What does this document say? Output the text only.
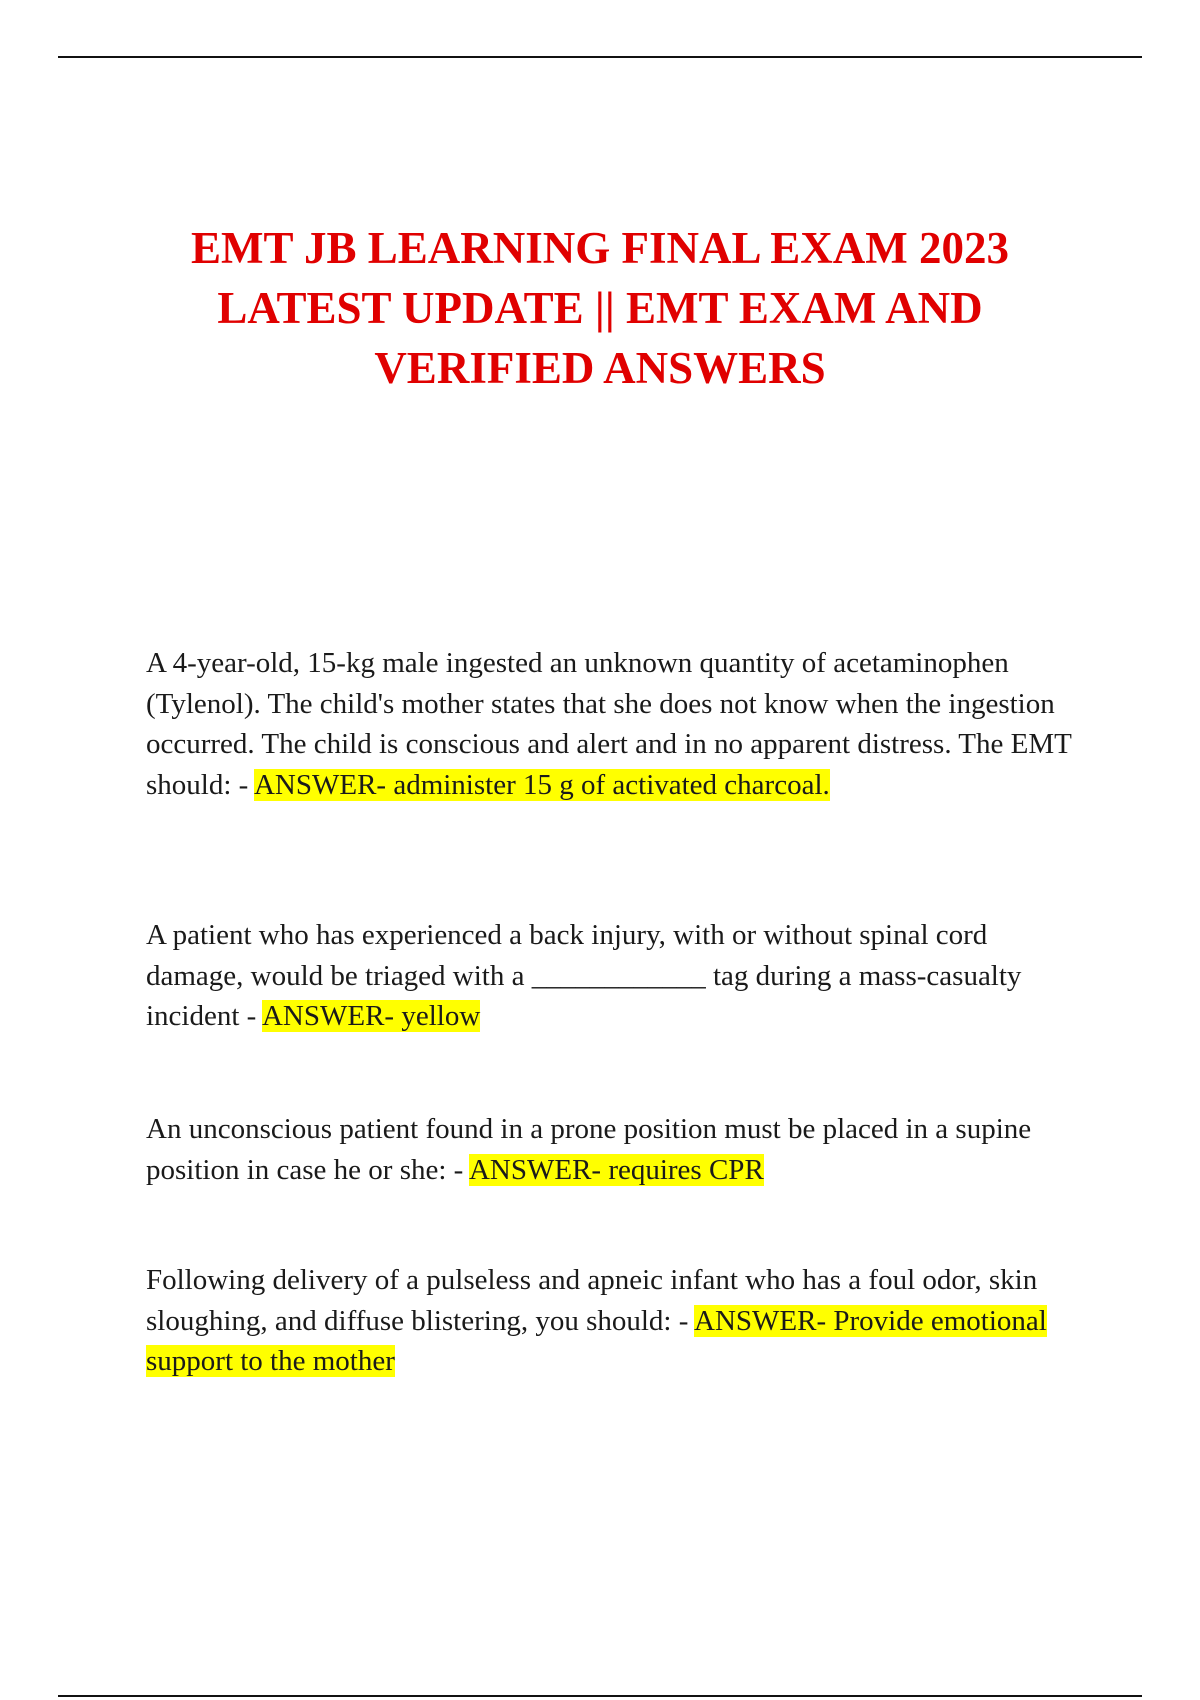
EMT JB LEARNING FINAL EXAM 2023 LATEST UPDATE || EMT EXAM AND VERIFIED ANSWERS

A 4-year-old, 15-kg male ingested an unknown quantity of acetaminophen (Tylenol). The child's mother states that she does not know when the ingestion occurred. The child is conscious and alert and in no apparent distress. The EMT should: - ANSWER- administer 15 g of activated charcoal.

A patient who has experienced a back injury, with or without spinal cord damage, would be triaged with a ____________ tag during a mass-casualty incident - ANSWER- yellow

An unconscious patient found in a prone position must be placed in a supine position in case he or she: - ANSWER- requires CPR

Following delivery of a pulseless and apneic infant who has a foul odor, skin sloughing, and diffuse blistering, you should: - ANSWER- Provide emotional support to the mother
